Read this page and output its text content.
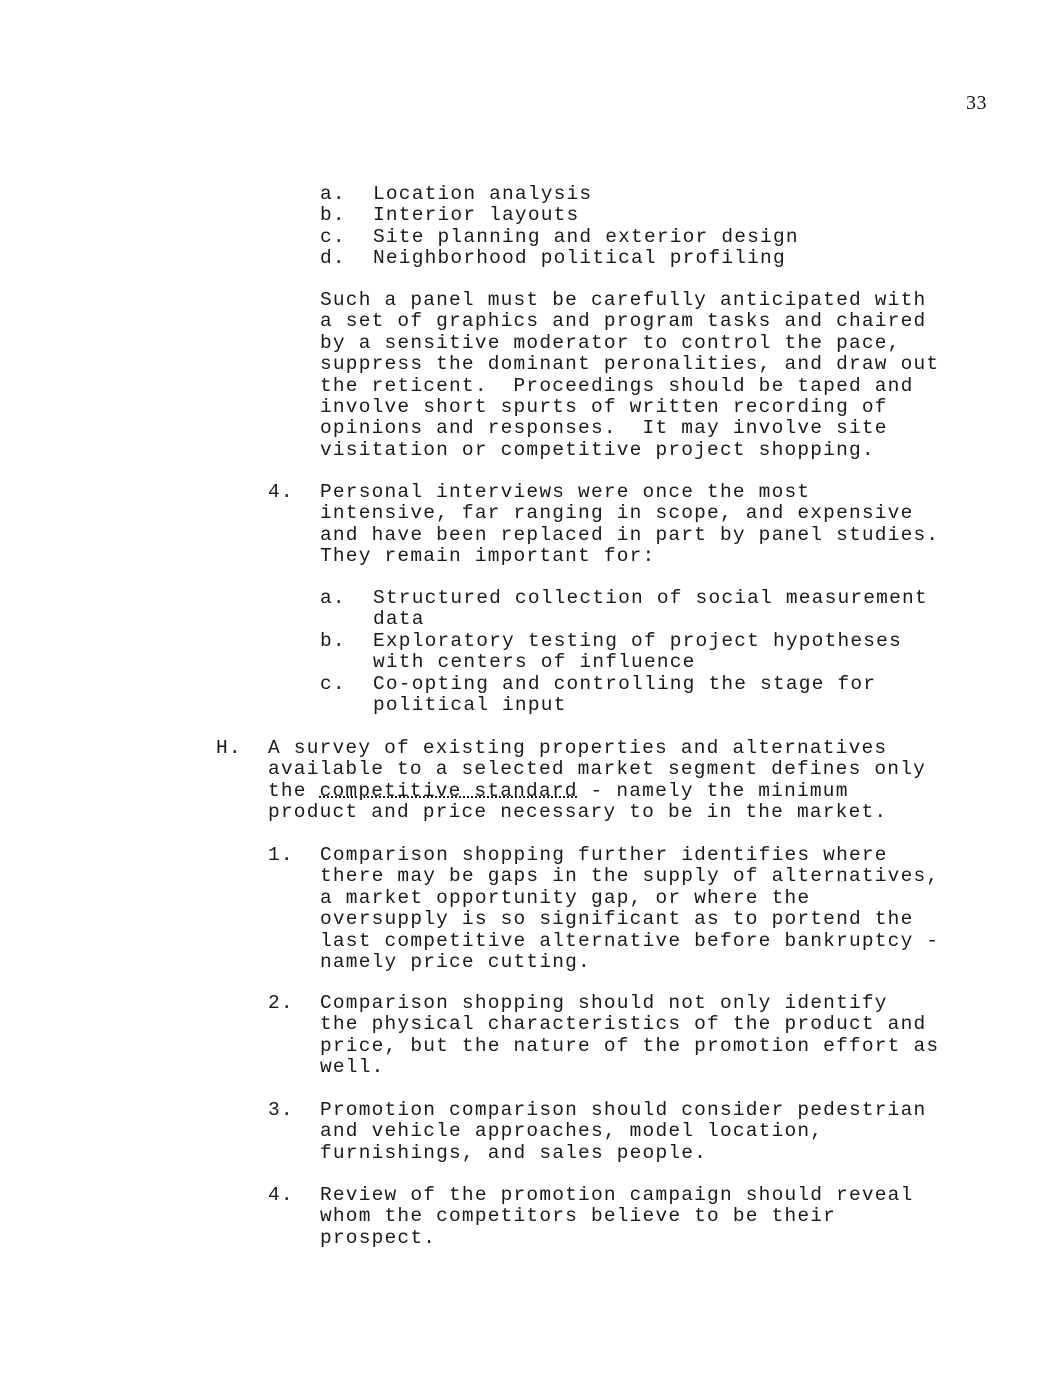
33
a. Location analysis
b. Interior layouts
c. Site planning and exterior design
d. Neighborhood political profiling
Such a panel must be carefully anticipated with
a set of graphics and program tasks and chaired
by a sensitive moderator to control the pace,
suppress the dominant peronalities, and draw out
the reticent.  Proceedings should be taped and
involve short spurts of written recording of
opinions and responses.  It may involve site
visitation or competitive project shopping.
4. Personal interviews were once the most
intensive, far ranging in scope, and expensive
and have been replaced in part by panel studies.
They remain important for:
a. Structured collection of social measurement
data
b. Exploratory testing of project hypotheses
with centers of influence
c. Co-opting and controlling the stage for
political input
H. A survey of existing properties and alternatives
available to a selected market segment defines only
the competitive standard - namely the minimum
product and price necessary to be in the market.
1. Comparison shopping further identifies where
there may be gaps in the supply of alternatives,
a market opportunity gap, or where the
oversupply is so significant as to portend the
last competitive alternative before bankruptcy -
namely price cutting.
2. Comparison shopping should not only identify
the physical characteristics of the product and
price, but the nature of the promotion effort as
well.
3. Promotion comparison should consider pedestrian
and vehicle approaches, model location,
furnishings, and sales people.
4. Review of the promotion campaign should reveal
whom the competitors believe to be their
prospect.
